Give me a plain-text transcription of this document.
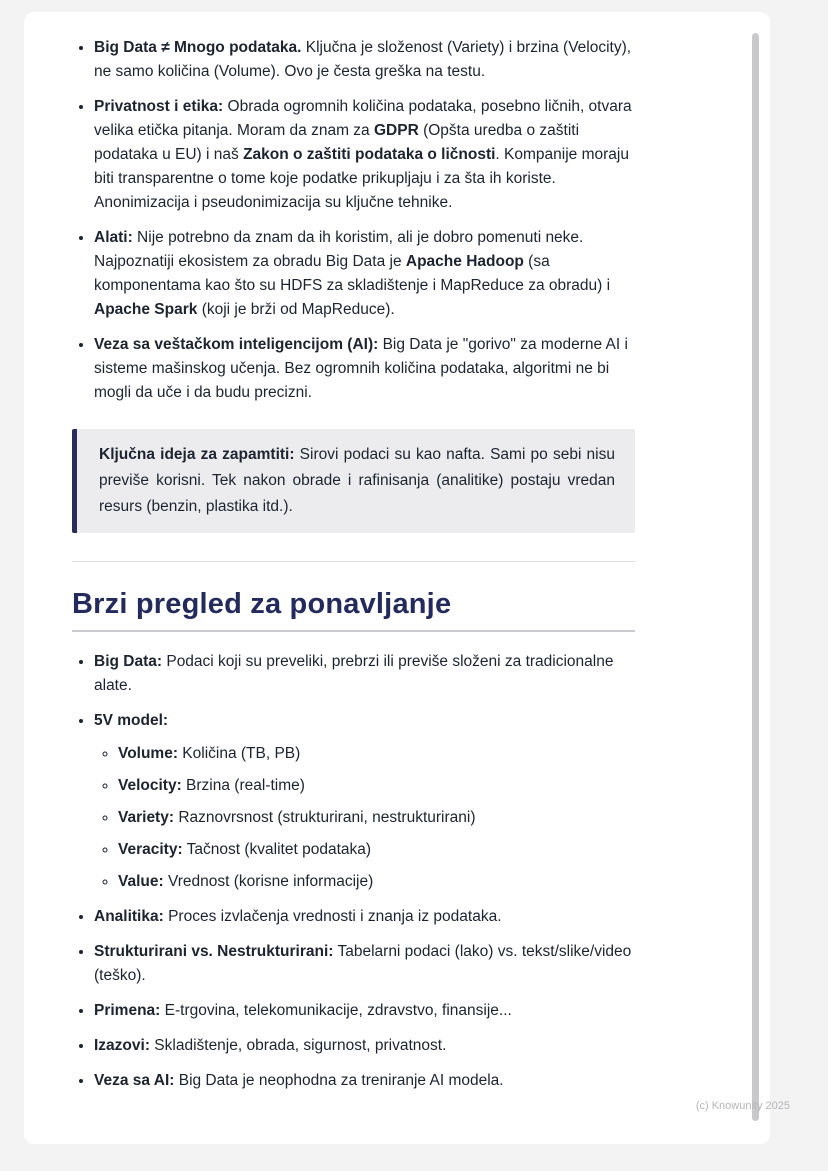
• Big Data ≠ Mnogo podataka. Ključna je složenost (Variety) i brzina (Velocity), ne samo količina (Volume). Ovo je česta greška na testu.
• Privatnost i etika: Obrada ogromnih količina podataka, posebno ličnih, otvara velika etička pitanja. Moram da znam za GDPR (Opšta uredba o zaštiti podataka u EU) i naš Zakon o zaštiti podataka o ličnosti. Kompanije moraju biti transparentne o tome koje podatke prikupljaju i za šta ih koriste. Anonimizacija i pseudonimizacija su ključne tehnike.
• Alati: Nije potrebno da znam da ih koristim, ali je dobro pomenuti neke. Najpoznatiji ekosistem za obradu Big Data je Apache Hadoop (sa komponentama kao što su HDFS za skladištenje i MapReduce za obradu) i Apache Spark (koji je brži od MapReduce).
• Veza sa veštačkom inteligencijom (AI): Big Data je "gorivo" za moderne AI i sisteme mašinskog učenja. Bez ogromnih količina podataka, algoritmi ne bi mogli da uče i da budu precizni.

Ključna ideja za zapamtiti: Sirovi podaci su kao nafta. Sami po sebi nisu previše korisni. Tek nakon obrade i rafinisanja (analitike) postaju vredan resurs (benzin, plastika itd.).

Brzi pregled za ponavljanje
• Big Data: Podaci koji su preveliki, prebrzi ili previše složeni za tradicionalne alate.
• 5V model:
◦ Volume: Količina (TB, PB)
◦ Velocity: Brzina (real-time)
◦ Variety: Raznovrsnost (strukturirani, nestrukturirani)
◦ Veracity: Tačnost (kvalitet podataka)
◦ Value: Vrednost (korisne informacije)
• Analitika: Proces izvlačenja vrednosti i znanja iz podataka.
• Strukturirani vs. Nestrukturirani: Tabelarni podaci (lako) vs. tekst/slike/video (teško).
• Primena: E-trgovina, telekomunikacije, zdravstvo, finansije...
• Izazovi: Skladištenje, obrada, sigurnost, privatnost.
• Veza sa AI: Big Data je neophodna za treniranje AI modela.
(c) Knowunity 2025
